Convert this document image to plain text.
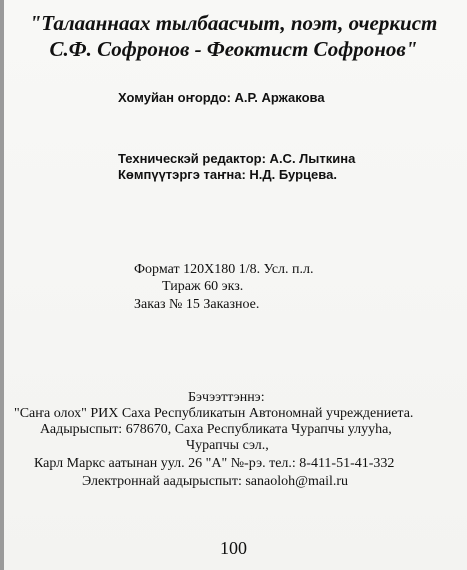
"Талааннаах тылбаасчыт, поэт, очеркист
С.Ф. Софронов - Феоктист Софронов"
Хомуйан оҥордо: А.Р. Аржакова
Техническэй редактор: А.С. Лыткина
Көмпүүтэргэ таҥна: Н.Д. Бурцева.
Формат 120Х180 1/8. Усл. п.л.
Тираж 60 экз.
Заказ № 15 Заказное.
Бэчээттэннэ:
"Саҥа олох" РИХ Саха Республикатын Автономнай учреждениета.
Аадырыспыт: 678670, Саха Республиката Чурапчы улууһа,
Чурапчы сэл.,
Карл Маркс аатынан уул. 26 "А" №-рэ. тел.: 8-411-51-41-332
Электроннай аадырыспыт: sanaoloh@mail.ru
100
